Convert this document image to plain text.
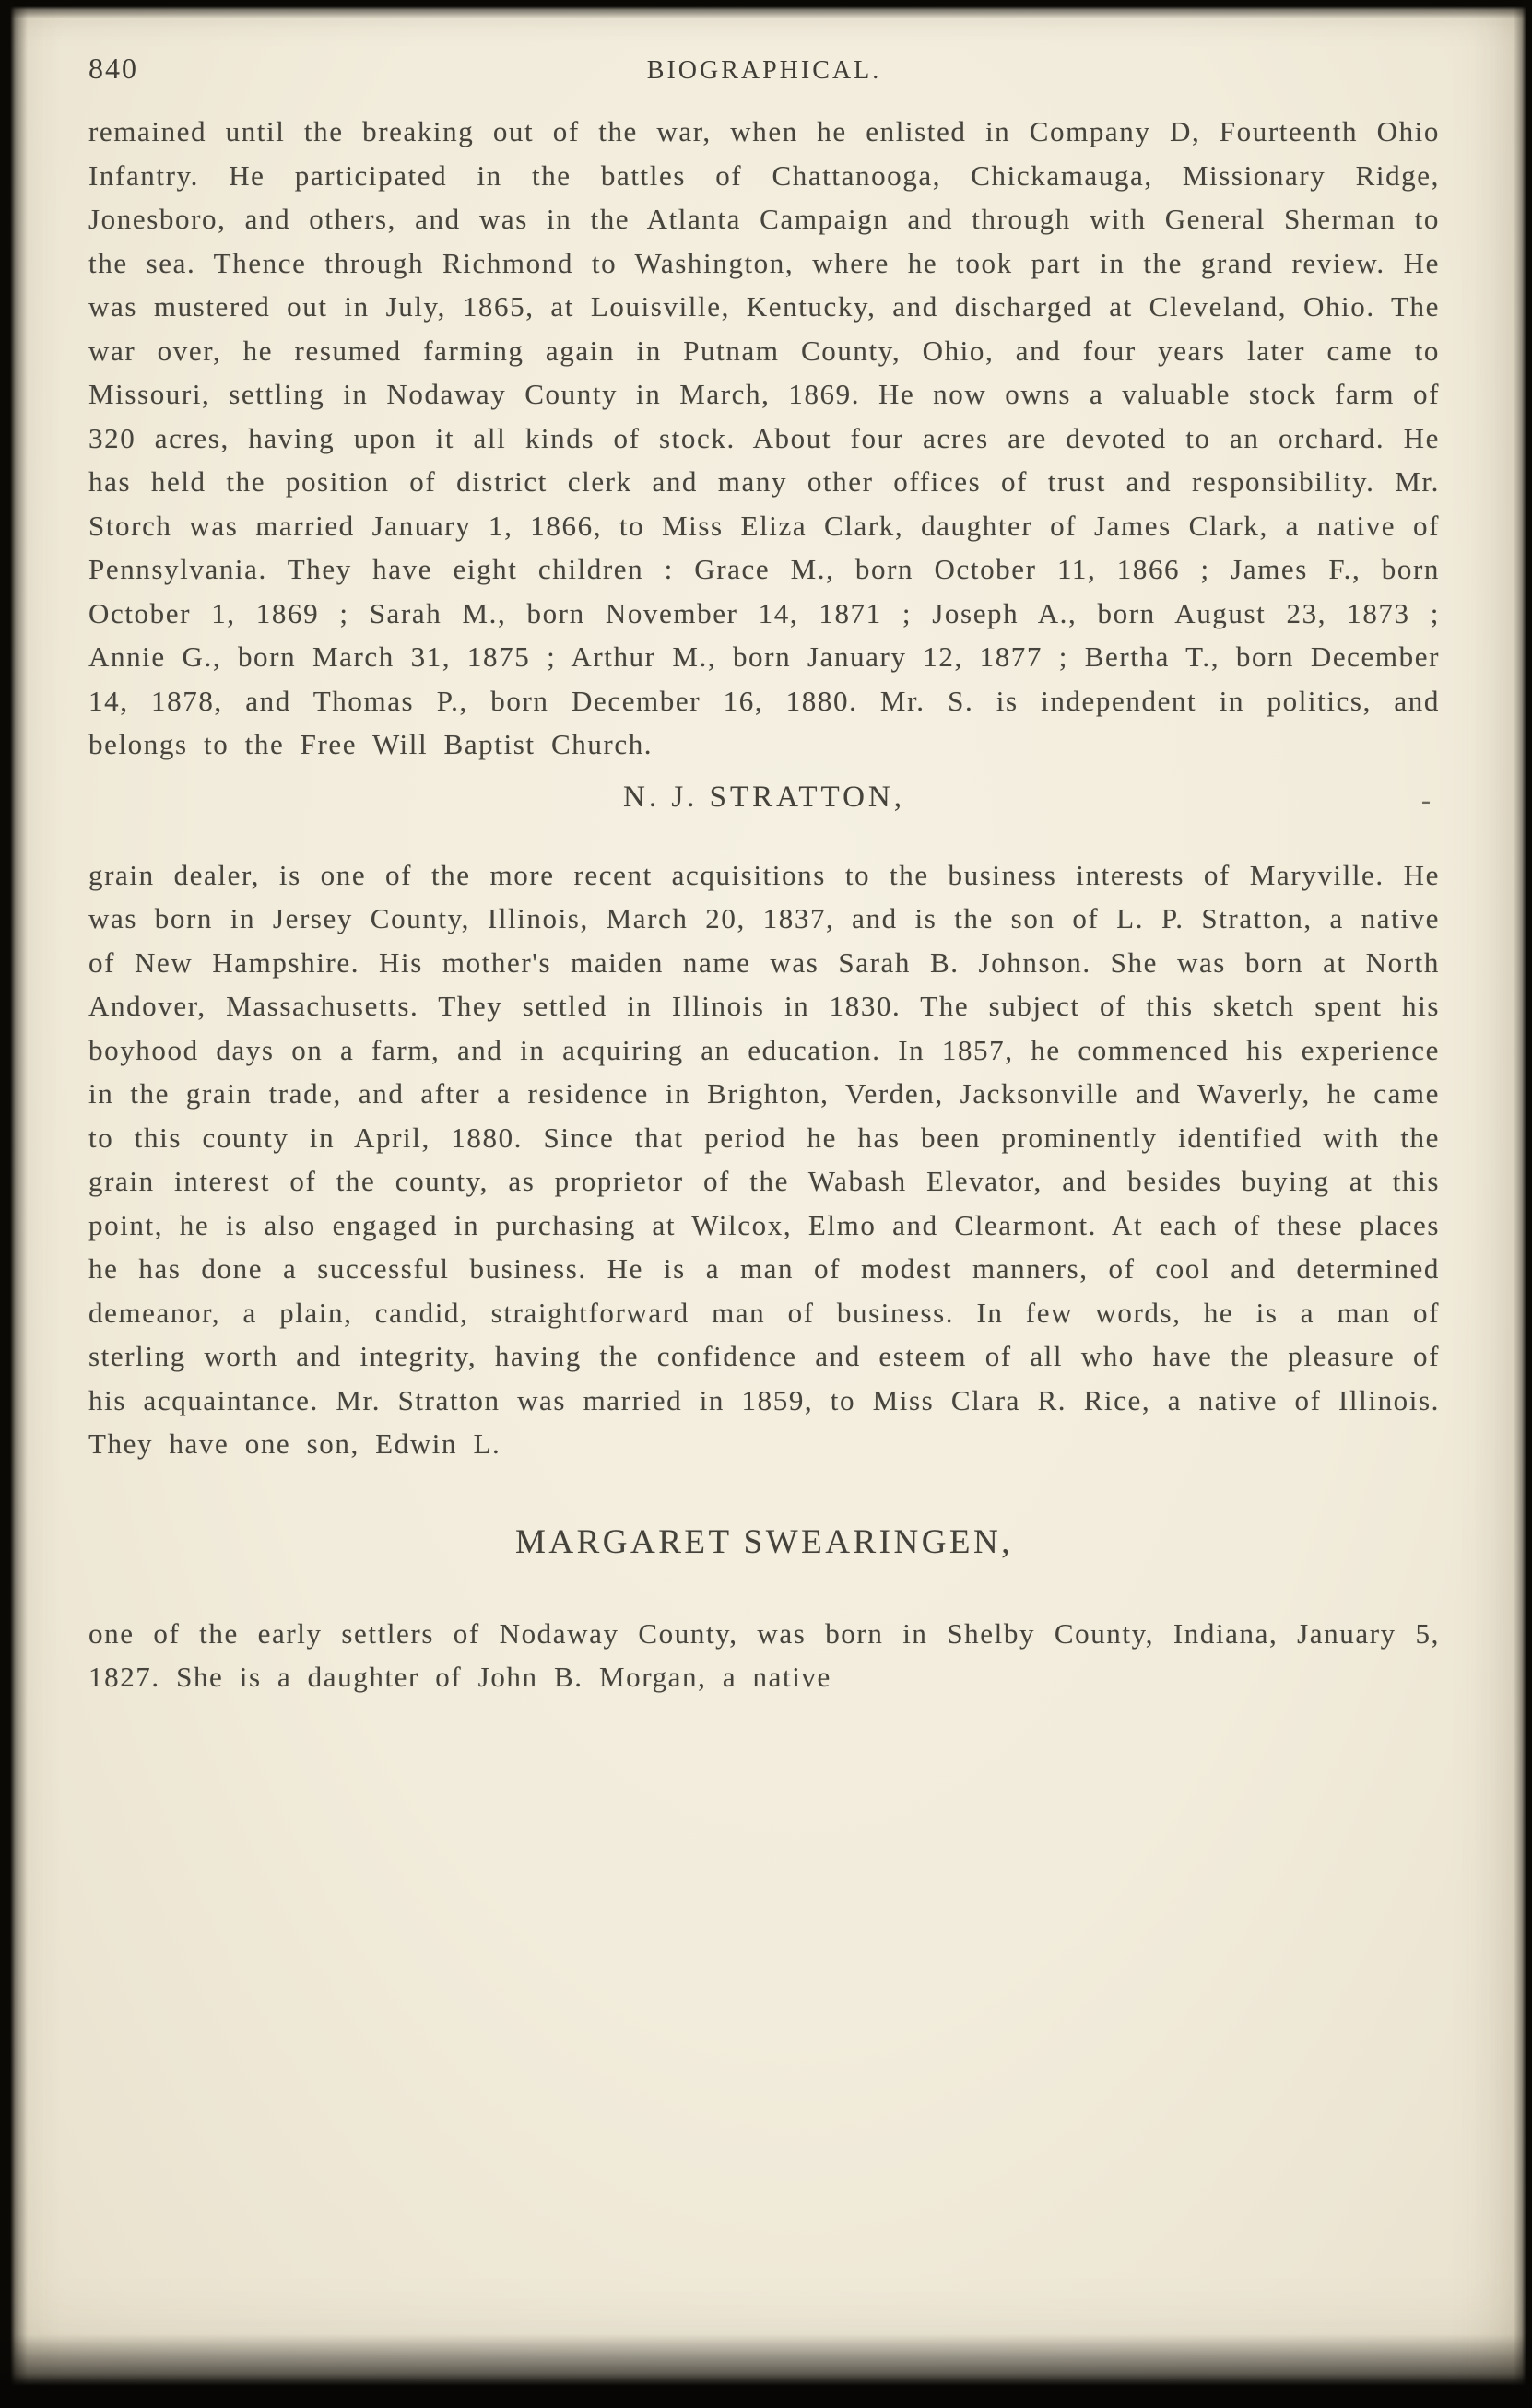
840	BIOGRAPHICAL.

remained until the breaking out of the war, when he enlisted in Company D, Fourteenth Ohio Infantry. He participated in the battles of Chattanooga, Chickamauga, Missionary Ridge, Jonesboro, and others, and was in the Atlanta Campaign and through with General Sherman to the sea. Thence through Richmond to Washington, where he took part in the grand review. He was mustered out in July, 1865, at Louisville, Kentucky, and discharged at Cleveland, Ohio. The war over, he resumed farming again in Putnam County, Ohio, and four years later came to Missouri, settling in Nodaway County in March, 1869. He now owns a valuable stock farm of 320 acres, having upon it all kinds of stock. About four acres are devoted to an orchard. He has held the position of district clerk and many other offices of trust and responsibility. Mr. Storch was married January 1, 1866, to Miss Eliza Clark, daughter of James Clark, a native of Pennsylvania. They have eight children : Grace M., born October 11, 1866 ; James F., born October 1, 1869 ; Sarah M., born November 14, 1871 ; Joseph A., born August 23, 1873 ; Annie G., born March 31, 1875 ; Arthur M., born January 12, 1877 ; Bertha T., born December 14, 1878, and Thomas P., born December 16, 1880. Mr. S. is independent in politics, and belongs to the Free Will Baptist Church.

N. J. STRATTON,	-

grain dealer, is one of the more recent acquisitions to the business interests of Maryville. He was born in Jersey County, Illinois, March 20, 1837, and is the son of L. P. Stratton, a native of New Hampshire. His mother's maiden name was Sarah B. Johnson. She was born at North Andover, Massachusetts. They settled in Illinois in 1830. The subject of this sketch spent his boyhood days on a farm, and in acquiring an education. In 1857, he commenced his experience in the grain trade, and after a residence in Brighton, Verden, Jacksonville and Waverly, he came to this county in April, 1880. Since that period he has been prominently identified with the grain interest of the county, as proprietor of the Wabash Elevator, and besides buying at this point, he is also engaged in purchasing at Wilcox, Elmo and Clearmont. At each of these places he has done a successful business. He is a man of modest manners, of cool and determined demeanor, a plain, candid, straightforward man of business. In few words, he is a man of sterling worth and integrity, having the confidence and esteem of all who have the pleasure of his acquaintance. Mr. Stratton was married in 1859, to Miss Clara R. Rice, a native of Illinois. They have one son, Edwin L.

MARGARET SWEARINGEN,

one of the early settlers of Nodaway County, was born in Shelby County, Indiana, January 5, 1827. She is a daughter of John B. Morgan, a native
